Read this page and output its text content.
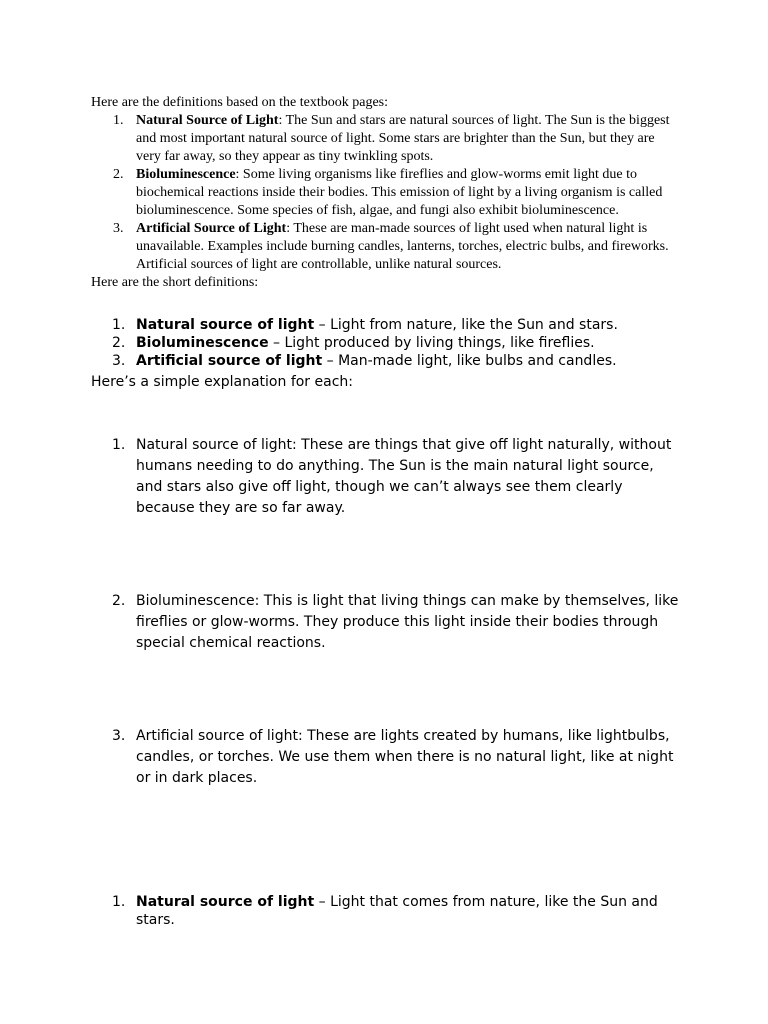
Here are the definitions based on the textbook pages:
1. Natural Source of Light: The Sun and stars are natural sources of light. The Sun is the biggest and most important natural source of light. Some stars are brighter than the Sun, but they are very far away, so they appear as tiny twinkling spots.
2. Bioluminescence: Some living organisms like fireflies and glow-worms emit light due to biochemical reactions inside their bodies. This emission of light by a living organism is called bioluminescence. Some species of fish, algae, and fungi also exhibit bioluminescence.
3. Artificial Source of Light: These are man-made sources of light used when natural light is unavailable. Examples include burning candles, lanterns, torches, electric bulbs, and fireworks. Artificial sources of light are controllable, unlike natural sources.
Here are the short definitions:
1. Natural source of light – Light from nature, like the Sun and stars.
2. Bioluminescence – Light produced by living things, like fireflies.
3. Artificial source of light – Man-made light, like bulbs and candles.
Here’s a simple explanation for each:
1. Natural source of light: These are things that give off light naturally, without humans needing to do anything. The Sun is the main natural light source, and stars also give off light, though we can’t always see them clearly because they are so far away.
2. Bioluminescence: This is light that living things can make by themselves, like fireflies or glow-worms. They produce this light inside their bodies through special chemical reactions.
3. Artificial source of light: These are lights created by humans, like lightbulbs, candles, or torches. We use them when there is no natural light, like at night or in dark places.
1. Natural source of light – Light that comes from nature, like the Sun and stars.
